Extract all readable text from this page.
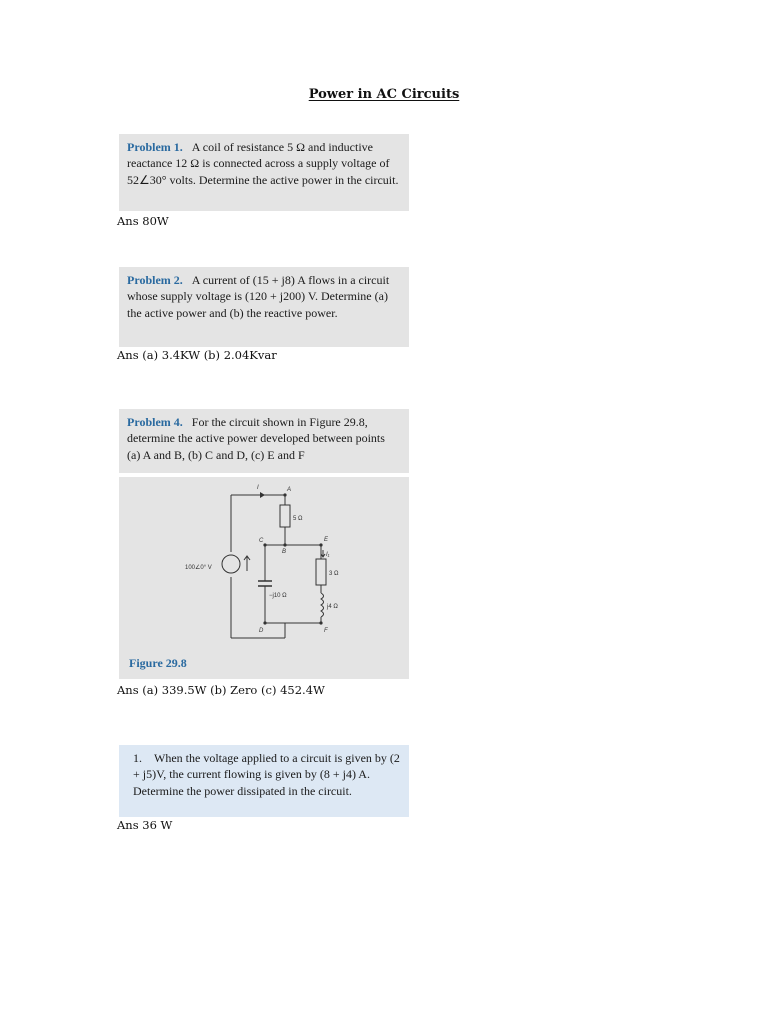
Power in AC Circuits
Problem 1. A coil of resistance 5 Ω and inductive reactance 12 Ω is connected across a supply voltage of 52∠30° volts. Determine the active power in the circuit.
Ans 80W
Problem 2. A current of (15 + j8) A flows in a circuit whose supply voltage is (120 + j200) V. Determine (a) the active power and (b) the reactive power.
Ans (a) 3.4KW (b) 2.04Kvar
Problem 4. For the circuit shown in Figure 29.8, determine the active power developed between points (a) A and B, (b) C and D, (c) E and F
100∠0° V
I	A
5 Ω
C
B
E
I₁
3 Ω
−j10 Ω
j4 Ω
D	F
Figure 29.8
Ans (a) 339.5W (b) Zero (c) 452.4W
1. When the voltage applied to a circuit is given by (2 + j5)V, the current flowing is given by (8 + j4) A. Determine the power dissipated in the circuit.
Ans 36 W
